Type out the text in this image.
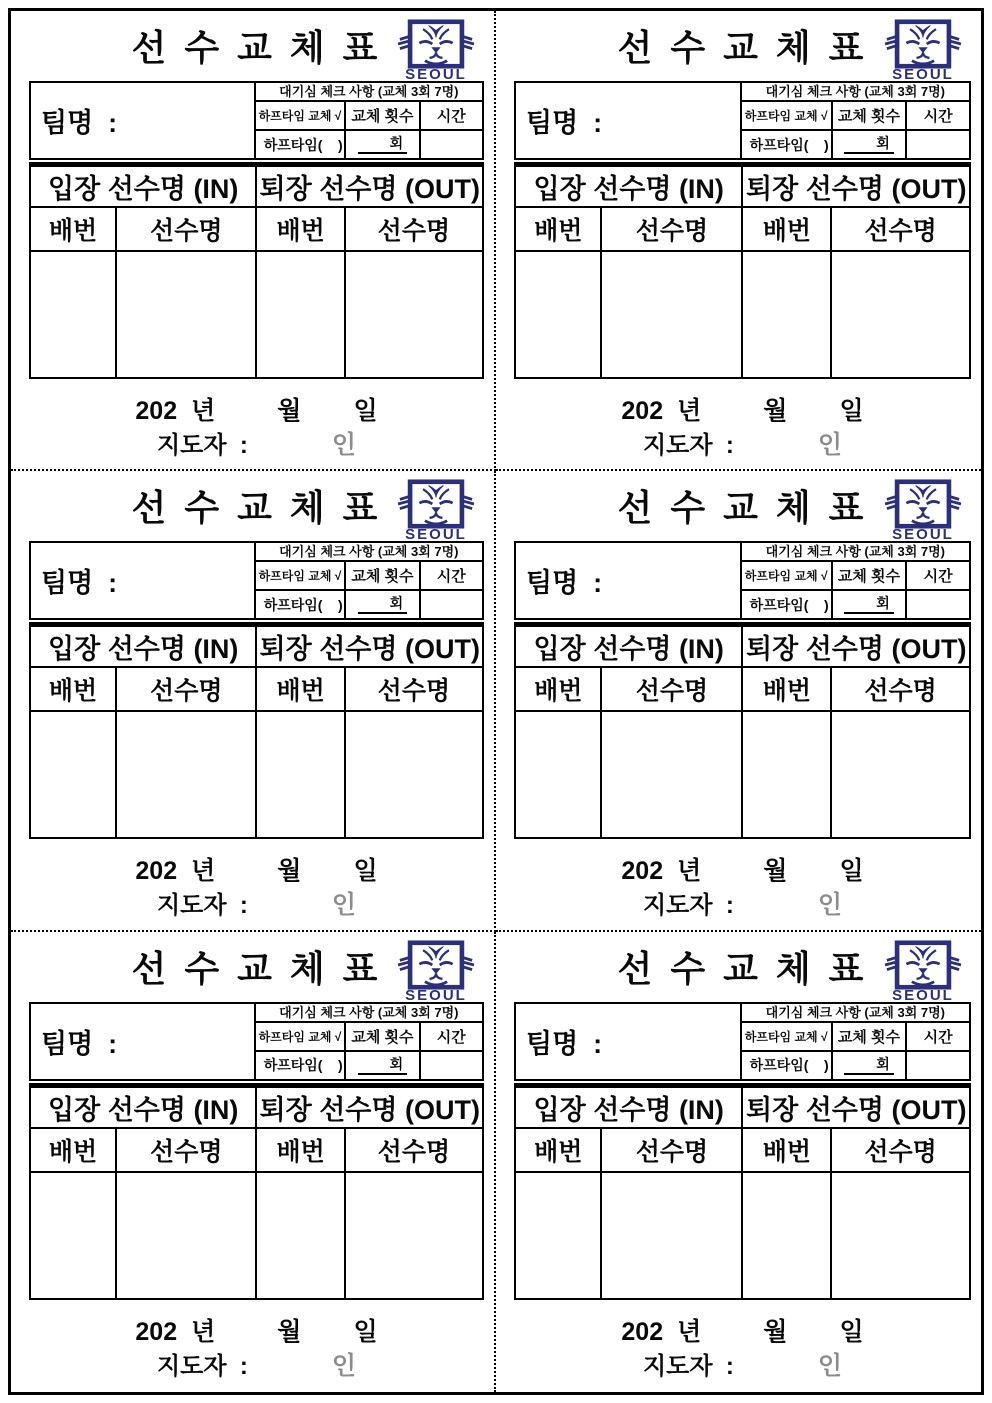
선 수 교 체 표
SEOUL
팀명  :	대기심 체크 사항 (교체 3회 7명)		
	하프타임 교체 √	교체 횟수	시간
	하프타임(    )	회	
입장 선수명 (IN)		퇴장 선수명 (OUT)	
배번	선수명	배번	선수명

202 년 월 일
지도자  :	인
선 수 교 체 표
SEOUL
팀명  :	대기심 체크 사항 (교체 3회 7명)		
	하프타임 교체 √	교체 횟수	시간
	하프타임(    )	회	
입장 선수명 (IN)		퇴장 선수명 (OUT)	
배번	선수명	배번	선수명

202 년 월 일
지도자  :	인
선 수 교 체 표
SEOUL
팀명  :	대기심 체크 사항 (교체 3회 7명)		
	하프타임 교체 √	교체 횟수	시간
	하프타임(    )	회	
입장 선수명 (IN)		퇴장 선수명 (OUT)	
배번	선수명	배번	선수명

202 년 월 일
지도자  :	인
선 수 교 체 표
SEOUL
팀명  :	대기심 체크 사항 (교체 3회 7명)		
	하프타임 교체 √	교체 횟수	시간
	하프타임(    )	회	
입장 선수명 (IN)		퇴장 선수명 (OUT)	
배번	선수명	배번	선수명

202 년 월 일
지도자  :	인
선 수 교 체 표
SEOUL
팀명  :	대기심 체크 사항 (교체 3회 7명)		
	하프타임 교체 √	교체 횟수	시간
	하프타임(    )	회	
입장 선수명 (IN)		퇴장 선수명 (OUT)	
배번	선수명	배번	선수명

202 년 월 일
지도자  :	인
선 수 교 체 표
SEOUL
팀명  :	대기심 체크 사항 (교체 3회 7명)		
	하프타임 교체 √	교체 횟수	시간
	하프타임(    )	회	
입장 선수명 (IN)		퇴장 선수명 (OUT)	
배번	선수명	배번	선수명

202 년 월 일
지도자  :	인
